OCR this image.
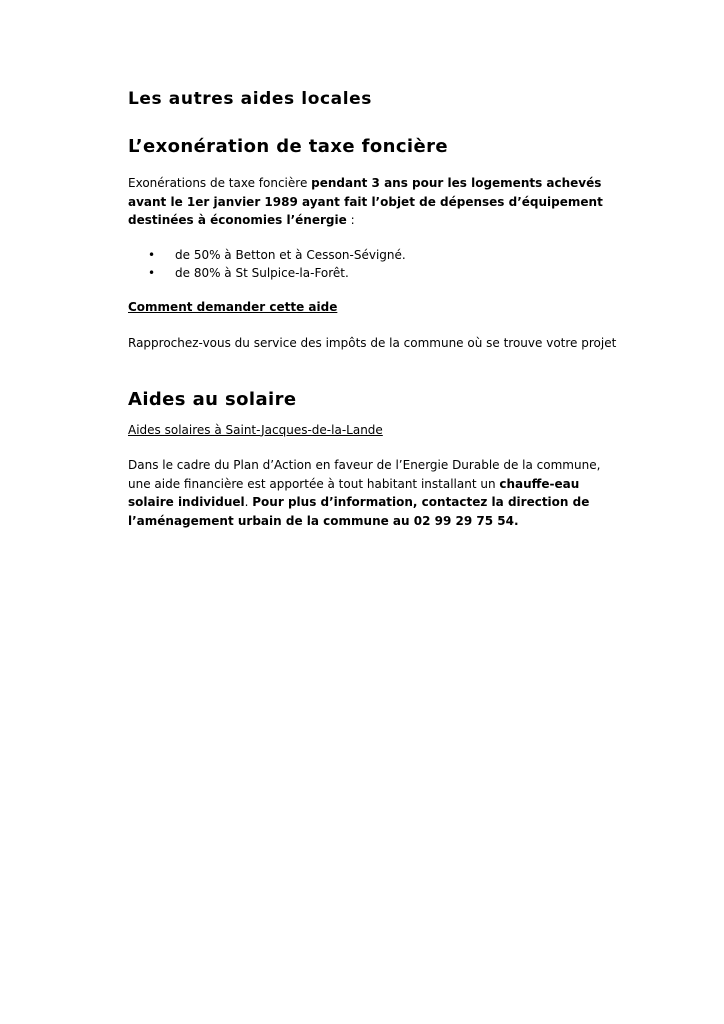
Les autres aides locales
L’exonération de taxe foncière

Exonérations de taxe foncière pendant 3 ans pour les logements achevés avant le 1er janvier 1989 ayant fait l’objet de dépenses d’équipement destinées à économies l’énergie :

• de 50% à Betton et à Cesson-Sévigné.
• de 80% à St Sulpice-la-Forêt.

Comment demander cette aide

Rapprochez-vous du service des impôts de la commune où se trouve votre projet

Aides au solaire

Aides solaires à Saint-Jacques-de-la-Lande

Dans le cadre du Plan d’Action en faveur de l’Energie Durable de la commune, une aide financière est apportée à tout habitant installant un chauffe-eau solaire individuel. Pour plus d’information, contactez la direction de l’aménagement urbain de la commune au 02 99 29 75 54.
